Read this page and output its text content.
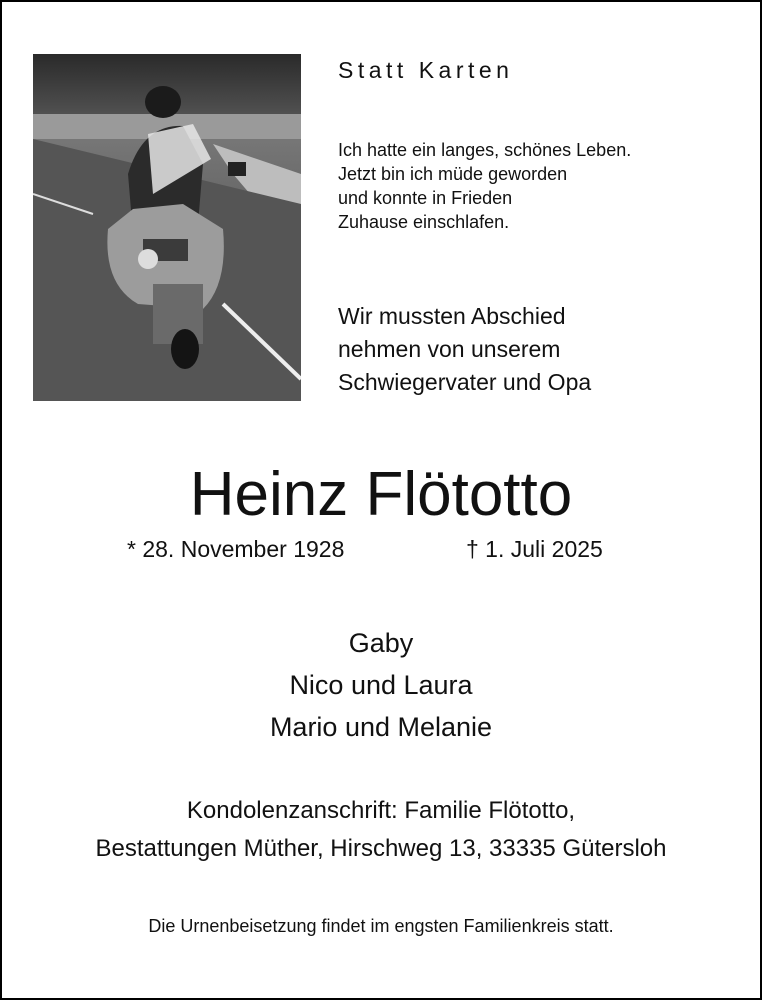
Statt Karten
Ich hatte ein langes, schönes Leben.
Jetzt bin ich müde geworden
und konnte in Frieden
Zuhause einschlafen.
Wir mussten Abschied
nehmen von unserem
Schwiegervater und Opa
Heinz Flötotto
* 28. November 1928	† 1. Juli 2025
Gaby
Nico und Laura
Mario und Melanie
Kondolenzanschrift: Familie Flötotto,
Bestattungen Müther, Hirschweg 13, 33335 Gütersloh
Die Urnenbeisetzung findet im engsten Familienkreis statt.
